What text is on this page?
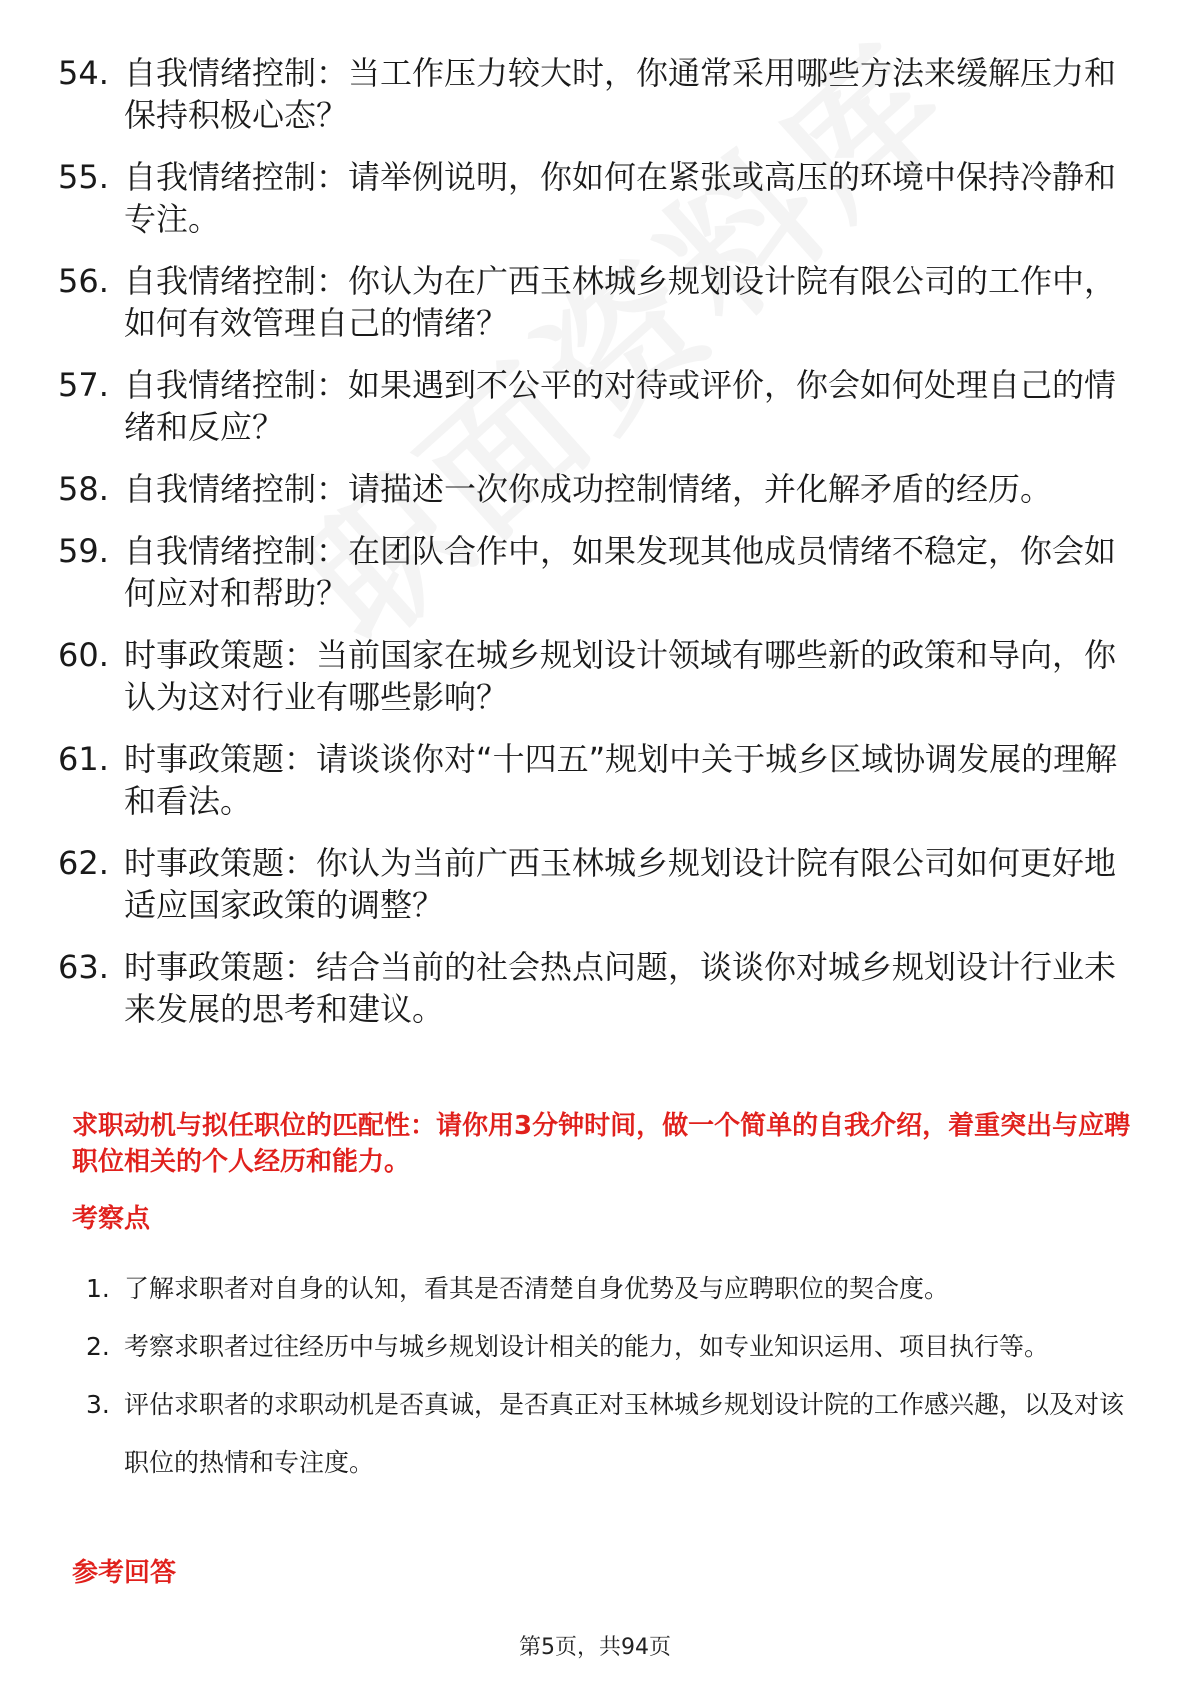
54. 自我情绪控制：当工作压力较大时，你通常采用哪些方法来缓解压力和保持积极心态？
55. 自我情绪控制：请举例说明，你如何在紧张或高压的环境中保持冷静和专注。
56. 自我情绪控制：你认为在广西玉林城乡规划设计院有限公司的工作中，如何有效管理自己的情绪？
57. 自我情绪控制：如果遇到不公平的对待或评价，你会如何处理自己的情绪和反应？
58. 自我情绪控制：请描述一次你成功控制情绪，并化解矛盾的经历。
59. 自我情绪控制：在团队合作中，如果发现其他成员情绪不稳定，你会如何应对和帮助？
60. 时事政策题：当前国家在城乡规划设计领域有哪些新的政策和导向，你认为这对行业有哪些影响？
61. 时事政策题：请谈谈你对“十四五”规划中关于城乡区域协调发展的理解和看法。
62. 时事政策题：你认为当前广西玉林城乡规划设计院有限公司如何更好地适应国家政策的调整？
63. 时事政策题：结合当前的社会热点问题，谈谈你对城乡规划设计行业未来发展的思考和建议。
求职动机与拟任职位的匹配性：请你用3分钟时间，做一个简单的自我介绍，着重突出与应聘职位相关的个人经历和能力。
考察点
1. 了解求职者对自身的认知，看其是否清楚自身优势及与应聘职位的契合度。
2. 考察求职者过往经历中与城乡规划设计相关的能力，如专业知识运用、项目执行等。
3. 评估求职者的求职动机是否真诚，是否真正对玉林城乡规划设计院的工作感兴趣，以及对该职位的热情和专注度。
参考回答
第5页，共94页
